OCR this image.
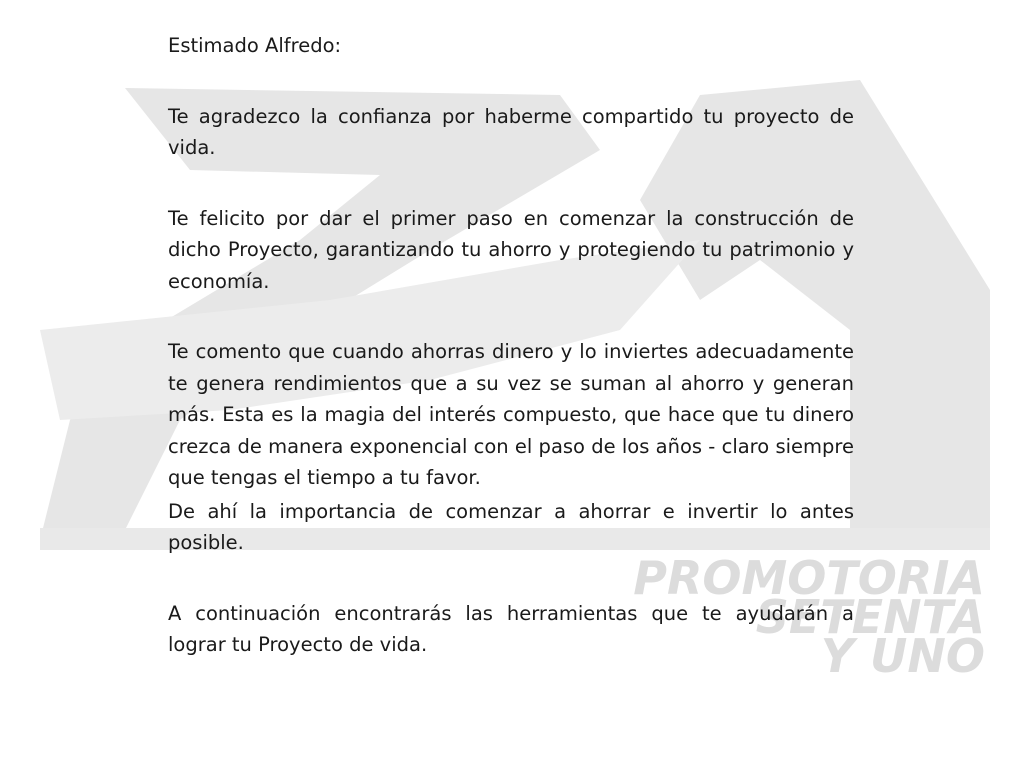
PROMOTORIA
SETENTA
Y UNO

Estimado Alfredo:

Te agradezco la confianza por haberme compartido tu proyecto de vida.

Te felicito por dar el primer paso en comenzar la construcción de dicho Proyecto, garantizando tu ahorro y protegiendo tu patrimonio y economía.

Te comento que cuando ahorras dinero y lo inviertes adecuadamente te genera rendimientos que a su vez se suman al ahorro y generan más. Esta es la magia del interés compuesto, que hace que tu dinero crezca de manera exponencial con el paso de los años - claro siempre que tengas el tiempo a tu favor.

De ahí la importancia de comenzar a ahorrar e invertir lo antes posible.

A continuación encontrarás las herramientas que te ayudarán a lograr tu Proyecto de vida.
